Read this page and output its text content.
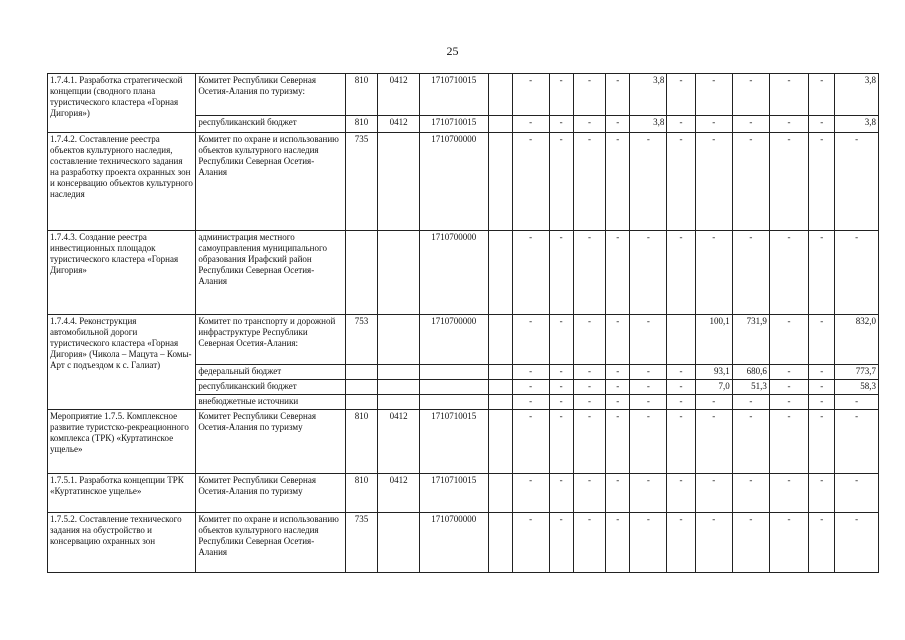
25
1.7.4.1. Разработка стратегической концепции (сводного плана туристического кластера «Горная Дигория»)	Комитет Республики Северная Осетия-Алания по туризму:	810	0412	1710710015		-	-	-	-	3,8	-	-	-	-	-	3,8
	республиканский бюджет	810	0412	1710710015		-	-	-	-	3,8	-	-	-	-	-	3,8
1.7.4.2. Составление реестра объектов культурного наследия, составление технического задания на разработку проекта охранных зон и консервацию объектов культурного наследия	Комитет по охране и использованию объектов культурного наследия Республики Северная Осетия-Алания	735		1710700000		-	-	-	-	-	-	-	-	-	-	-
1.7.4.3. Создание реестра инвестиционных площадок туристического кластера «Горная Дигория»	администрация местного самоуправления муниципального образования Ирафский район Республики Северная Осетия-Алания			1710700000		-	-	-	-	-	-	-	-	-	-	-
1.7.4.4. Реконструкция автомобильной дороги туристического кластера «Горная Дигория» (Чикола – Мацута – Комы-Арт с подъездом к с. Галиат)	Комитет по транспорту и дорожной инфраструктуре Республики Северная Осетия-Алания:	753		1710700000		-	-	-	-	-		100,1	731,9	-	-	832,0
	федеральный бюджет					-	-	-	-	-	-	93,1	680,6	-	-	773,7
	республиканский бюджет					-	-	-	-	-	-	7,0	51,3	-	-	58,3
	внебюджетные источники					-	-	-	-	-	-	-	-	-	-	-
Мероприятие 1.7.5. Комплексное развитие туристско-рекреационного комплекса (ТРК) «Куртатинское ущелье»	Комитет Республики Северная Осетия-Алания по туризму	810	0412	1710710015		-	-	-	-	-	-	-	-	-	-	-
1.7.5.1. Разработка концепции ТРК «Куртатинское ущелье»	Комитет Республики Северная Осетия-Алания по туризму	810	0412	1710710015		-	-	-	-	-	-	-	-	-	-	-
1.7.5.2. Составление технического задания на обустройство и консервацию охранных зон	Комитет по охране и использованию объектов культурного наследия Республики Северная Осетия-Алания	735		1710700000		-	-	-	-	-	-	-	-	-	-	-
